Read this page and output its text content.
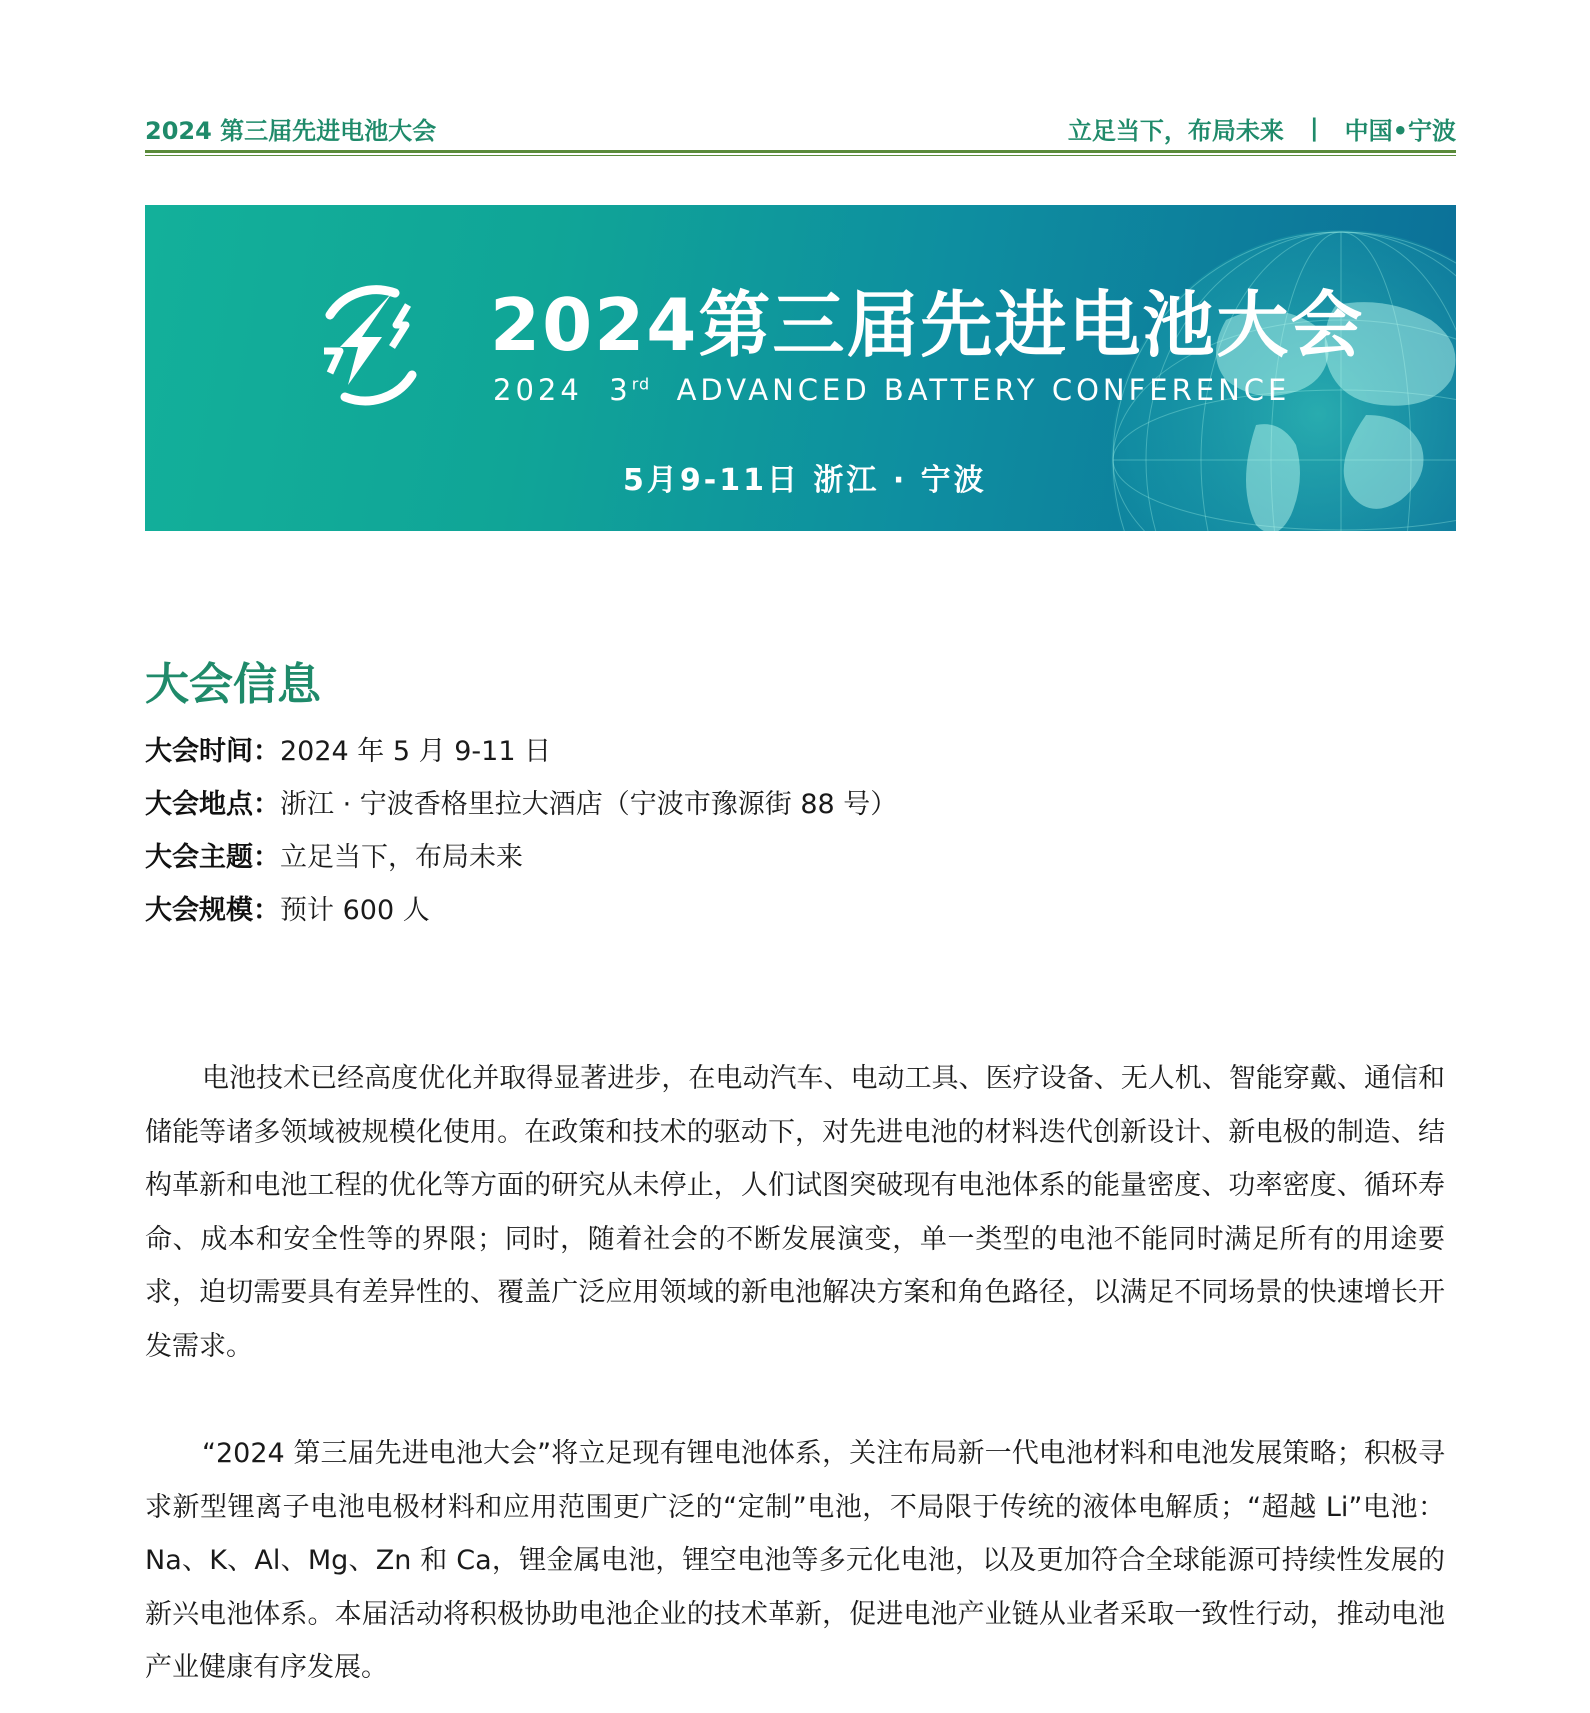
2024 第三届先进电池大会	立足当下，布局未来 | 中国•宁波
2024第三届先进电池大会
2024 3rd ADVANCED BATTERY CONFERENCE
5月9-11日 浙江 · 宁波
大会信息
大会时间：2024 年 5 月 9-11 日
大会地点：浙江 · 宁波香格里拉大酒店（宁波市豫源街 88 号）
大会主题：立足当下，布局未来
大会规模：预计 600 人

电池技术已经高度优化并取得显著进步，在电动汽车、电动工具、医疗设备、无人机、智能穿戴、通信和储能等诸多领域被规模化使用。在政策和技术的驱动下，对先进电池的材料迭代创新设计、新电极的制造、结构革新和电池工程的优化等方面的研究从未停止，人们试图突破现有电池体系的能量密度、功率密度、循环寿命、成本和安全性等的界限；同时，随着社会的不断发展演变，单一类型的电池不能同时满足所有的用途要求，迫切需要具有差异性的、覆盖广泛应用领域的新电池解决方案和角色路径，以满足不同场景的快速增长开发需求。

“2024 第三届先进电池大会”将立足现有锂电池体系，关注布局新一代电池材料和电池发展策略；积极寻求新型锂离子电池电极材料和应用范围更广泛的“定制”电池，不局限于传统的液体电解质；“超越 Li”电池：Na、K、Al、Mg、Zn 和 Ca，锂金属电池，锂空电池等多元化电池，以及更加符合全球能源可持续性发展的新兴电池体系。本届活动将积极协助电池企业的技术革新，促进电池产业链从业者采取一致性行动，推动电池产业健康有序发展。
